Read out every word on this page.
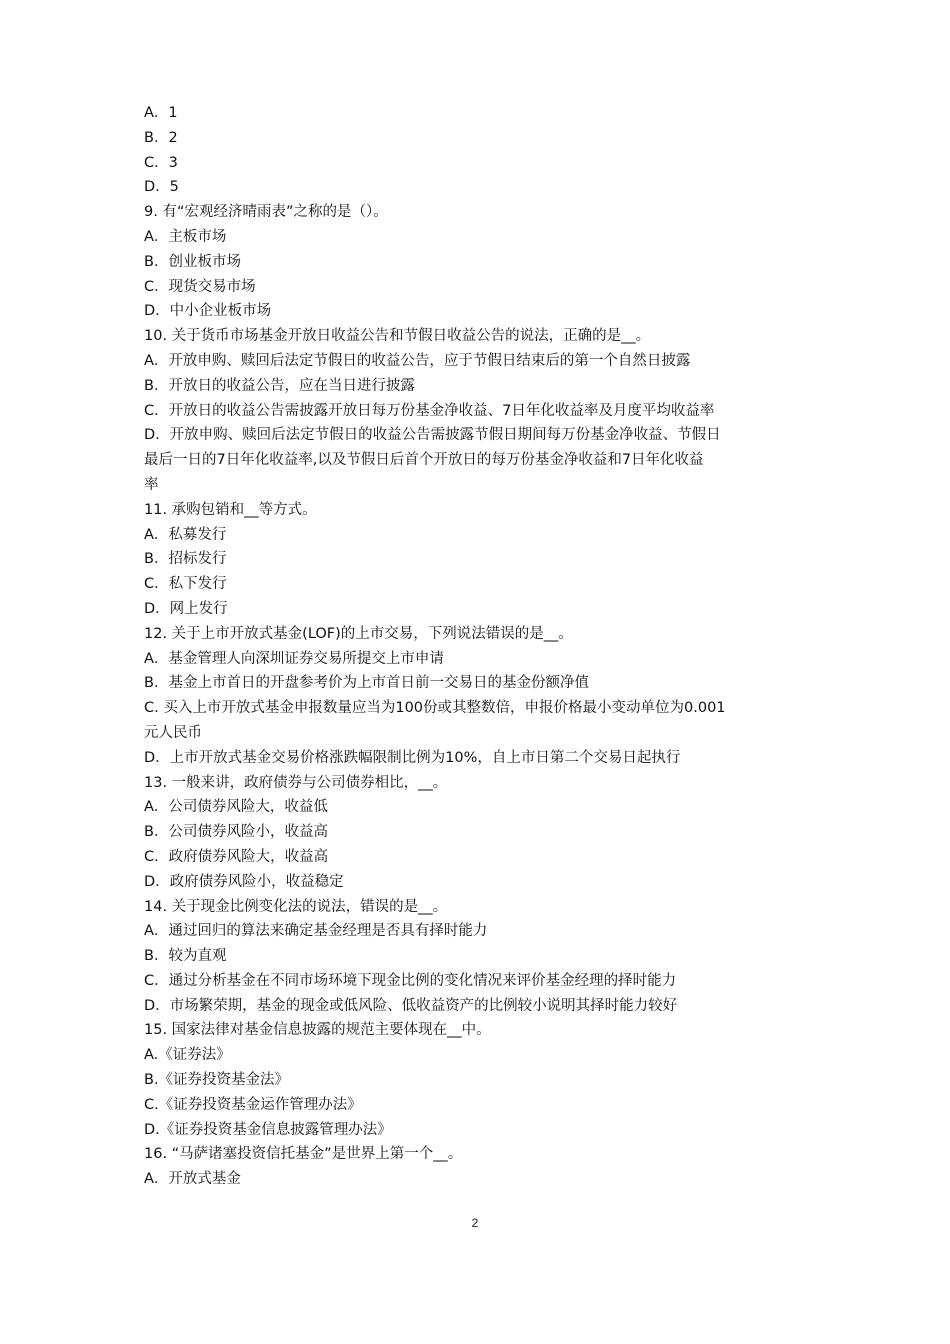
A．1
B．2
C．3
D．5
9. 有“宏观经济晴雨表”之称的是（）。
A．主板市场
B．创业板市场
C．现货交易市场
D．中小企业板市场
10. 关于货币市场基金开放日收益公告和节假日收益公告的说法，正确的是__。
A．开放申购、赎回后法定节假日的收益公告，应于节假日结束后的第一个自然日披露
B．开放日的收益公告，应在当日进行披露
C．开放日的收益公告需披露开放日每万份基金净收益、7日年化收益率及月度平均收益率
D．开放申购、赎回后法定节假日的收益公告需披露节假日期间每万份基金净收益、节假日
最后一日的7日年化收益率,以及节假日后首个开放日的每万份基金净收益和7日年化收益
率
11. 承购包销和__等方式。
A．私募发行
B．招标发行
C．私下发行
D．网上发行
12. 关于上市开放式基金(LOF)的上市交易，下列说法错误的是__。
A．基金管理人向深圳证券交易所提交上市申请
B．基金上市首日的开盘参考价为上市首日前一交易日的基金份额净值
C. 买入上市开放式基金申报数量应当为100份或其整数倍，申报价格最小变动单位为0.001
元人民币
D．上市开放式基金交易价格涨跌幅限制比例为10%，自上市日第二个交易日起执行
13. 一般来讲，政府债券与公司债券相比，__。
A．公司债券风险大，收益低
B．公司债券风险小，收益高
C．政府债券风险大，收益高
D．政府债券风险小，收益稳定
14. 关于现金比例变化法的说法，错误的是__。
A．通过回归的算法来确定基金经理是否具有择时能力
B．较为直观
C．通过分析基金在不同市场环境下现金比例的变化情况来评价基金经理的择时能力
D．市场繁荣期，基金的现金或低风险、低收益资产的比例较小说明其择时能力较好
15. 国家法律对基金信息披露的规范主要体现在__中。
A.《证券法》
B.《证券投资基金法》
C.《证券投资基金运作管理办法》
D.《证券投资基金信息披露管理办法》
16. “马萨诸塞投资信托基金”是世界上第一个__。
A．开放式基金
2
